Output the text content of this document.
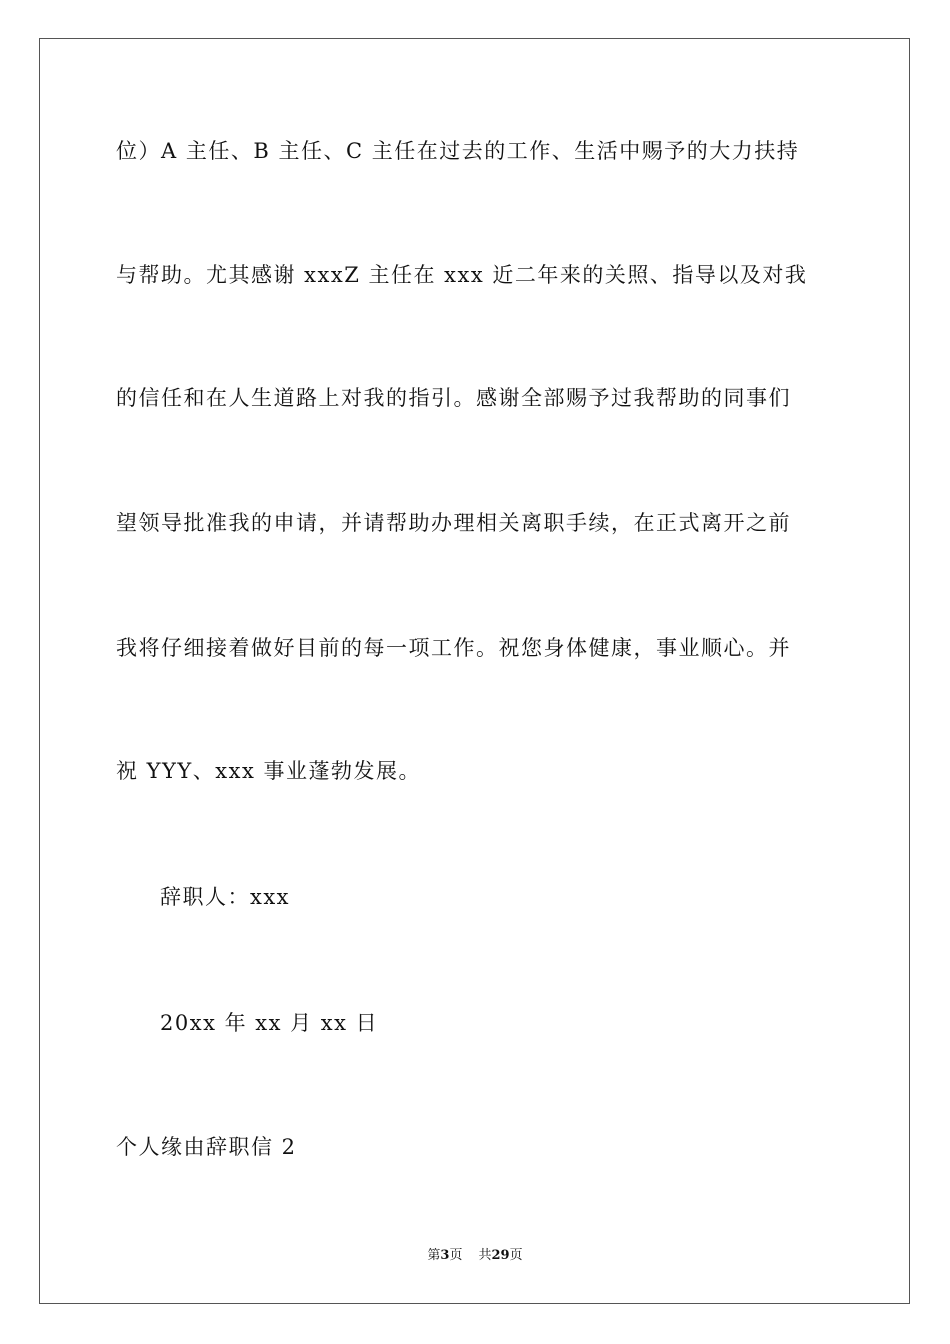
位）A 主任、B 主任、C 主任在过去的工作、生活中赐予的大力扶持
与帮助。尤其感谢 xxxZ 主任在 xxx 近二年来的关照、指导以及对我
的信任和在人生道路上对我的指引。感谢全部赐予过我帮助的同事们
望领导批准我的申请，并请帮助办理相关离职手续，在正式离开之前
我将仔细接着做好目前的每一项工作。祝您身体健康，事业顺心。并
祝 YYY、xxx 事业蓬勃发展。
辞职人：xxx
20xx 年 xx 月 xx 日
个人缘由辞职信 2
第3页 共29页
